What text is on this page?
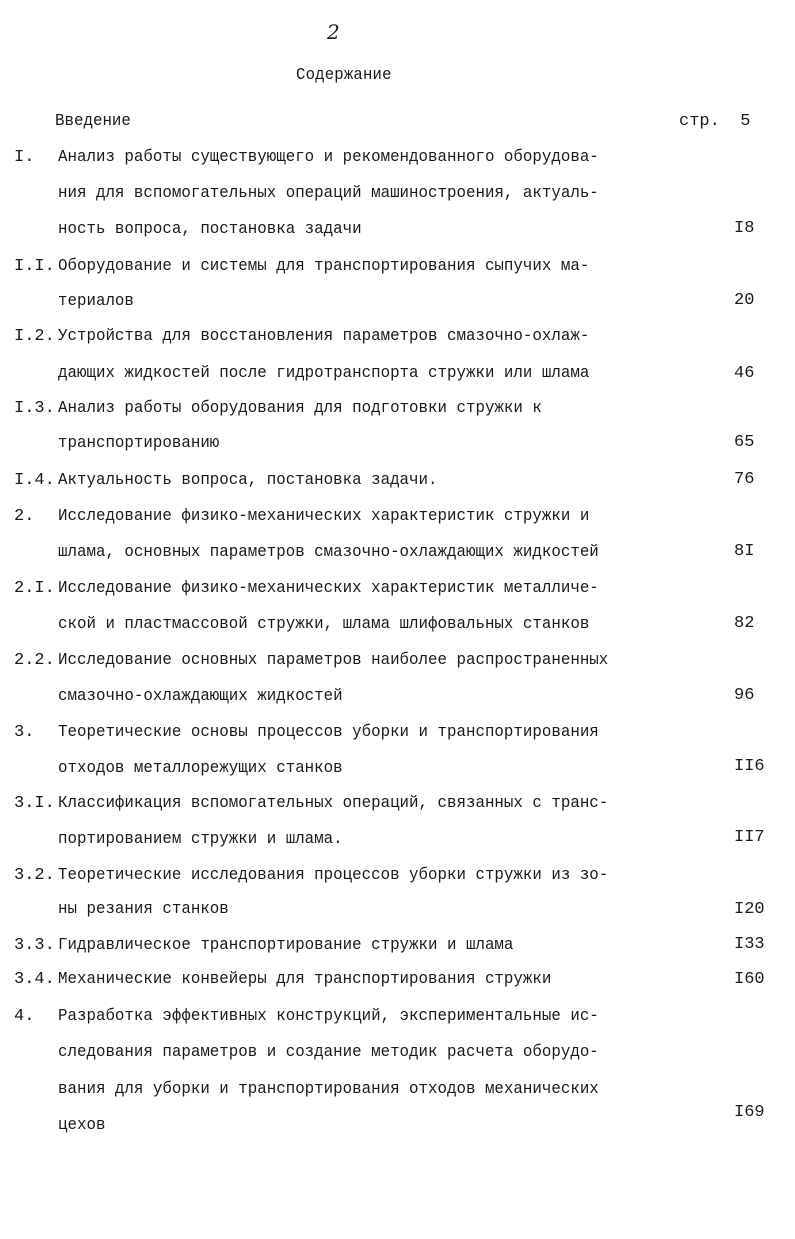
2
Содержание
Введение	стр. 5
I. Анализ работы существующего и рекомендованного оборудова-
ния для вспомогательных операций машиностроения, актуаль-
ность вопроса, постановка задачи	I8
I.I. Оборудование и системы для транспортирования сыпучих ма-
териалов	20
I.2. Устройства для восстановления параметров смазочно-охлаж-
дающих жидкостей после гидротранспорта стружки или шлама	46
I.3. Анализ работы оборудования для подготовки стружки к
транспортированию	65
I.4. Актуальность вопроса, постановка задачи.	76
2. Исследование физико-механических характеристик стружки и
шлама, основных параметров смазочно-охлаждающих жидкостей	8I
2.I. Исследование физико-механических характеристик металличе-
ской и пластмассовой стружки, шлама шлифовальных станков	82
2.2. Исследование основных параметров наиболее распространенных
смазочно-охлаждающих жидкостей	96
3. Теоретические основы процессов уборки и транспортирования
отходов металлорежущих станков	II6
3.I. Классификация вспомогательных операций, связанных с транс-
портированием стружки и шлама.	II7
3.2. Теоретические исследования процессов уборки стружки из зо-
ны резания станков	I20
3.3. Гидравлическое транспортирование стружки и шлама	I33
3.4. Механические конвейеры для транспортирования стружки	I60
4. Разработка эффективных конструкций, экспериментальные ис-
следования параметров и создание методик расчета оборудо-
вания для уборки и транспортирования отходов механических
цехов
I69
